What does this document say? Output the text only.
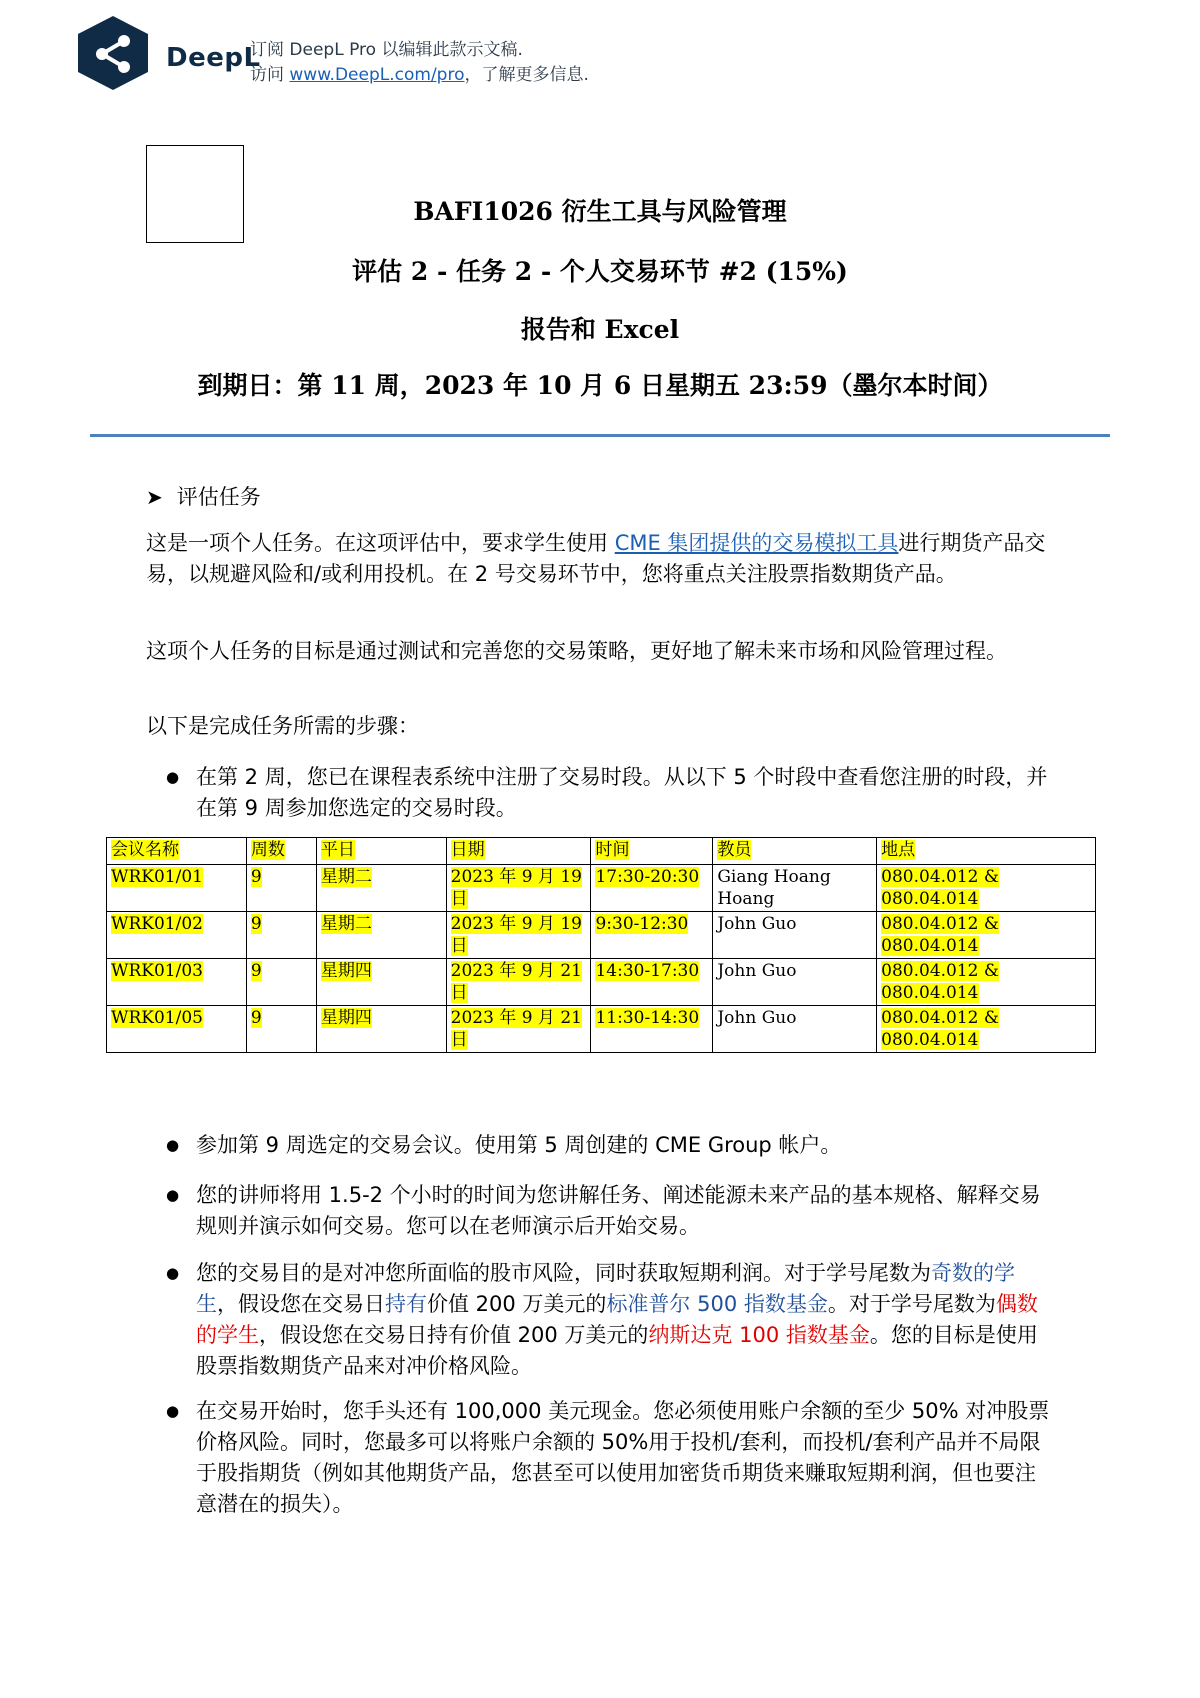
DeepL
订阅 DeepL Pro 以编辑此款示文稿.
访问 www.DeepL.com/pro，了解更多信息.
BAFI1026 衍生工具与风险管理
评估 2 - 任务 2 - 个人交易环节 #2 (15%)
报告和 Excel
到期日：第 11 周，2023 年 10 月 6 日星期五 23:59（墨尔本时间）
➤ 评估任务
这是一项个人任务。在这项评估中，要求学生使用 CME 集团提供的交易模拟工具进行期货产品交易，以规避风险和/或利用投机。在 2 号交易环节中，您将重点关注股票指数期货产品。
这项个人任务的目标是通过测试和完善您的交易策略，更好地了解未来市场和风险管理过程。
以下是完成任务所需的步骤：
● 在第 2 周，您已在课程表系统中注册了交易时段。从以下 5 个时段中查看您注册的时段，并在第 9 周参加您选定的交易时段。
会议名称	周数	平日	日期	时间	教员	地点
WRK01/01	9	星期二	2023 年 9 月 19 日	17:30-20:30	Giang Hoang Hoang	080.04.012 & 080.04.014
WRK01/02	9	星期二	2023 年 9 月 19 日	9:30-12:30	John Guo	080.04.012 & 080.04.014
WRK01/03	9	星期四	2023 年 9 月 21 日	14:30-17:30	John Guo	080.04.012 & 080.04.014
WRK01/05	9	星期四	2023 年 9 月 21 日	11:30-14:30	John Guo	080.04.012 & 080.04.014
● 参加第 9 周选定的交易会议。使用第 5 周创建的 CME Group 帐户。
● 您的讲师将用 1.5-2 个小时的时间为您讲解任务、阐述能源未来产品的基本规格、解释交易规则并演示如何交易。您可以在老师演示后开始交易。
● 您的交易目的是对冲您所面临的股市风险，同时获取短期利润。对于学号尾数为奇数的学生，假设您在交易日持有价值 200 万美元的标准普尔 500 指数基金。对于学号尾数为偶数的学生，假设您在交易日持有价值 200 万美元的纳斯达克 100 指数基金。您的目标是使用股票指数期货产品来对冲价格风险。
● 在交易开始时，您手头还有 100,000 美元现金。您必须使用账户余额的至少 50% 对冲股票价格风险。同时，您最多可以将账户余额的 50%用于投机/套利，而投机/套利产品并不局限于股指期货（例如其他期货产品，您甚至可以使用加密货币期货来赚取短期利润，但也要注意潜在的损失）。
